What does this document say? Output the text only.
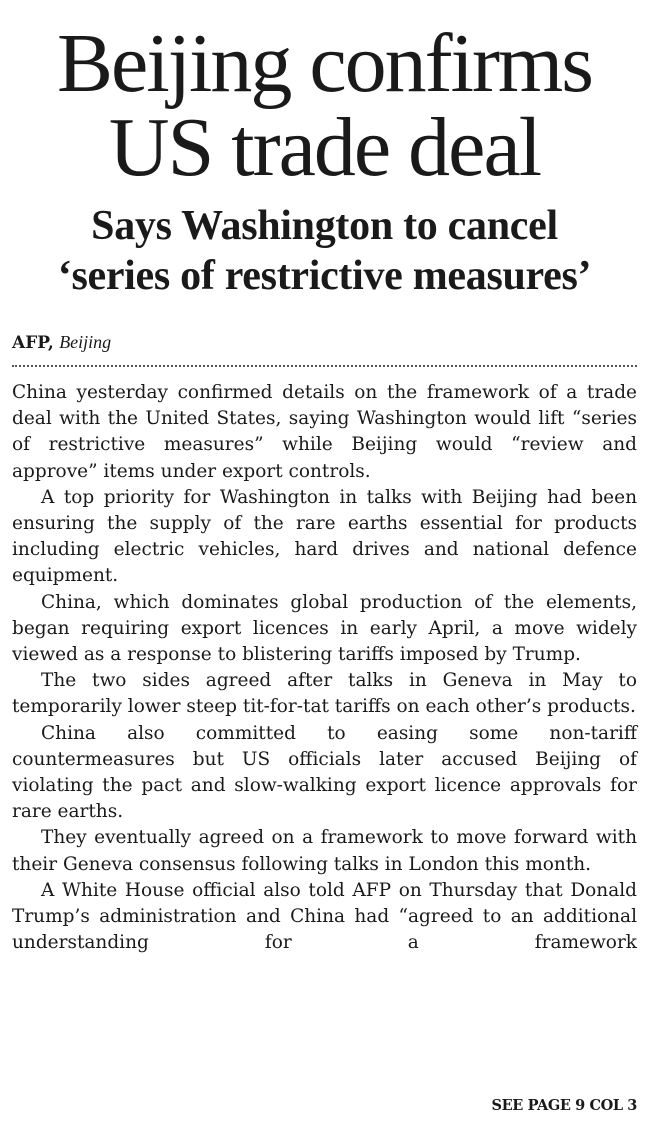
Beijing confirms
US trade deal
Says Washington to cancel
‘series of restrictive measures’
AFP, Beijing

China yesterday confirmed details on the framework of a trade deal with the United States, saying Washington would lift “series of restrictive measures” while Beijing would “review and approve” items under export controls.

A top priority for Washington in talks with Beijing had been ensuring the supply of the rare earths essential for products including electric vehicles, hard drives and national defence equipment.

China, which dominates global production of the elements, began requiring export licences in early April, a move widely viewed as a response to blistering tariffs imposed by Trump.

The two sides agreed after talks in Geneva in May to temporarily lower steep tit-for-tat tariffs on each other’s products.

China also committed to easing some non-tariff countermeasures but US officials later accused Beijing of violating the pact and slow-walking export licence approvals for rare earths.

They eventually agreed on a framework to move forward with their Geneva consensus following talks in London this month.

A White House official also told AFP on Thursday that Donald Trump’s administration and China had “agreed to an additional understanding for a framework

SEE PAGE 9 COL 3
